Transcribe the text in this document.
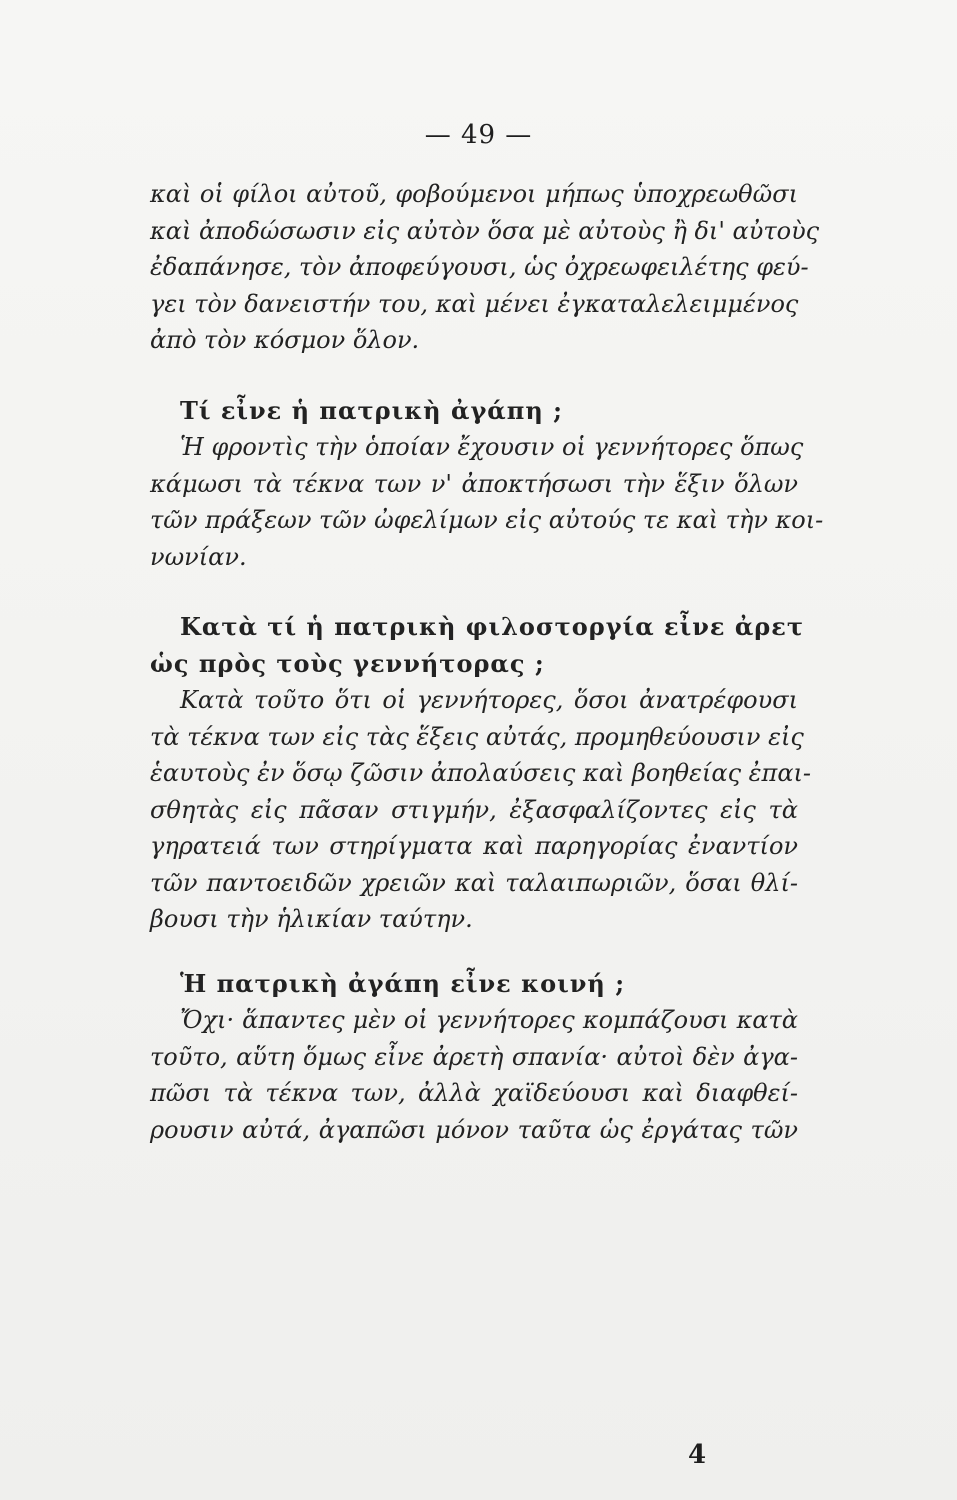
— 49 —
καὶ οἱ φίλοι αὐτοῦ, φοβούμενοι μήπως ὑποχρεωθῶσι
καὶ ἀποδώσωσιν εἰς αὐτὸν ὅσα μὲ αὐτοὺς ἢ δι' αὐτοὺς
ἐδαπάνησε, τὸν ἀποφεύγουσι, ὡς ὀχρεωφειλέτης φεύ-
γει τὸν δανειστήν του, καὶ μένει ἐγκαταλελειμμένος
ἀπὸ τὸν κόσμον ὅλον.
Τί εἶνε ἡ πατρικὴ ἀγάπη ;
Ἡ φροντὶς τὴν ὁποίαν ἔχουσιν οἱ γεννήτορες ὅπως
κάμωσι τὰ τέκνα των ν' ἀποκτήσωσι τὴν ἕξιν ὅλων
τῶν πράξεων τῶν ὠφελίμων εἰς αὐτούς τε καὶ τὴν κοι-
νωνίαν.
Κατὰ τί ἡ πατρικὴ φιλοστοργία εἶνε ἀρετ
ὡς πρὸς τοὺς γεννήτορας ;
Κατὰ τοῦτο ὅτι οἱ γεννήτορες, ὅσοι ἀνατρέφουσι
τὰ τέκνα των εἰς τὰς ἕξεις αὐτάς, προμηθεύουσιν εἰς
ἑαυτοὺς ἐν ὅσῳ ζῶσιν ἀπολαύσεις καὶ βοηθείας ἐπαι-
σθητὰς εἰς πᾶσαν στιγμήν, ἐξασφαλίζοντες εἰς τὰ
γηρατειά των στηρίγματα καὶ παρηγορίας ἐναντίον
τῶν παντοειδῶν χρειῶν καὶ ταλαιπωριῶν, ὅσαι θλί-
βουσι τὴν ἡλικίαν ταύτην.
Ἡ πατρικὴ ἀγάπη εἶνε κοινή ;
Ὄχι· ἅπαντες μὲν οἱ γεννήτορες κομπάζουσι κατὰ
τοῦτο, αὕτη ὅμως εἶνε ἀρετὴ σπανία· αὐτοὶ δὲν ἀγα-
πῶσι τὰ τέκνα των, ἀλλὰ χαϊδεύουσι καὶ διαφθεί-
ρουσιν αὐτά, ἀγαπῶσι μόνον ταῦτα ὡς ἐργάτας τῶν
4
